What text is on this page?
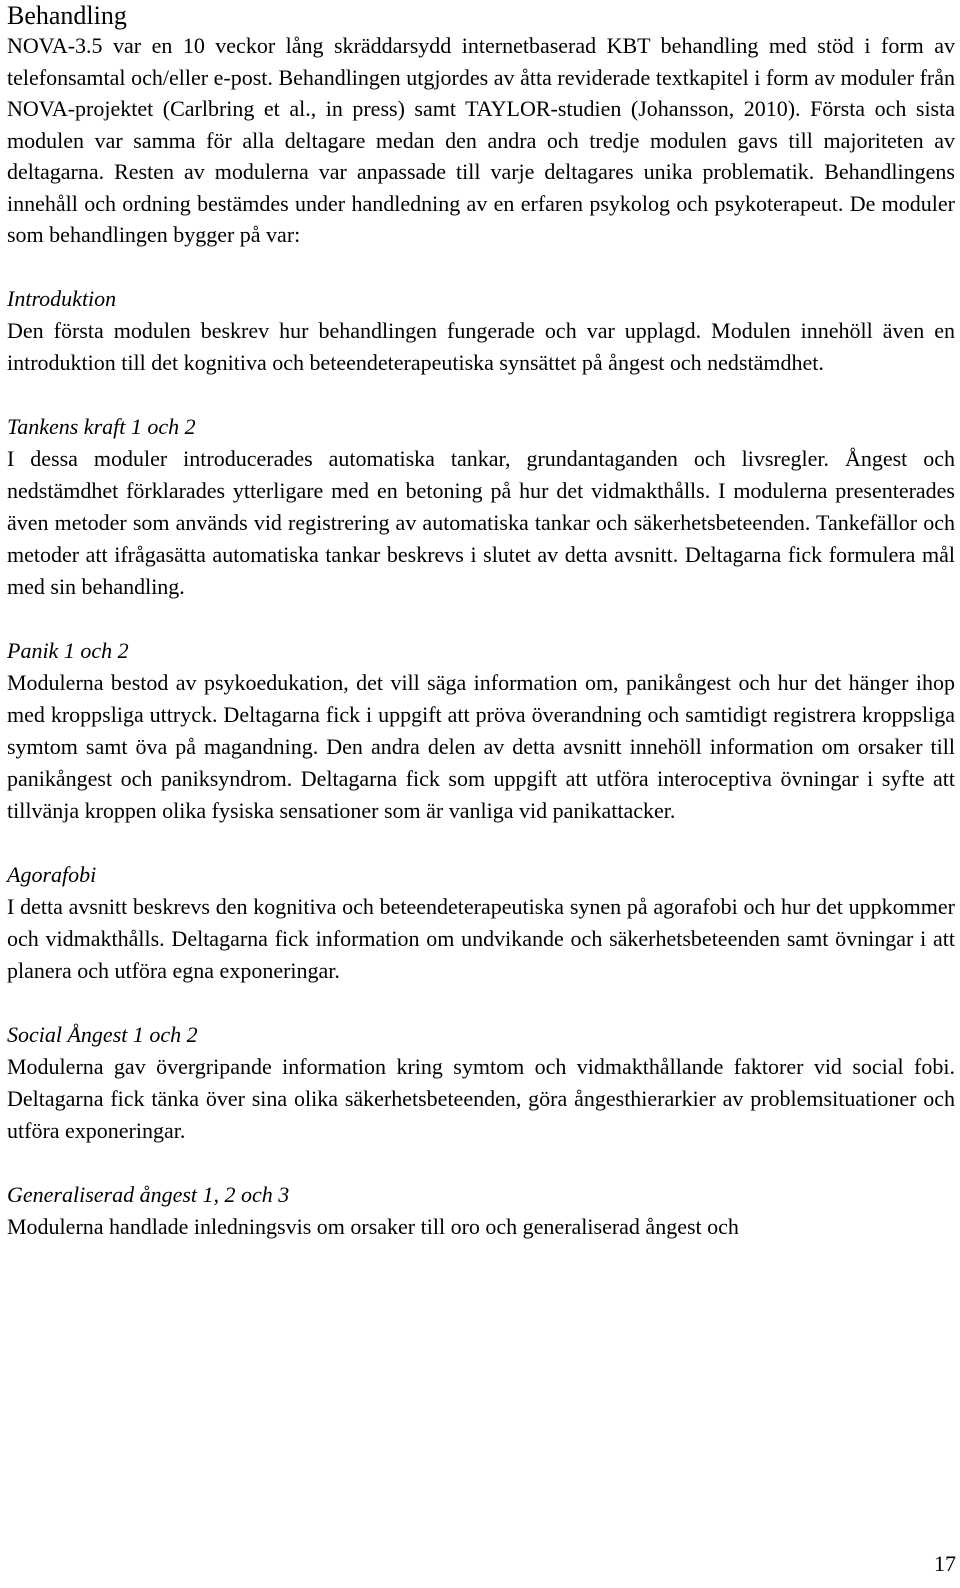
Behandling

NOVA-3.5 var en 10 veckor lång skräddarsydd internetbaserad KBT behandling med stöd i form av telefonsamtal och/eller e-post. Behandlingen utgjordes av åtta reviderade textkapitel i form av moduler från NOVA-projektet (Carlbring et al., in press) samt TAYLOR-studien (Johansson, 2010). Första och sista modulen var samma för alla deltagare medan den andra och tredje modulen gavs till majoriteten av deltagarna. Resten av modulerna var anpassade till varje deltagares unika problematik. Behandlingens innehåll och ordning bestämdes under handledning av en erfaren psykolog och psykoterapeut. De moduler som behandlingen bygger på var:

Introduktion

Den första modulen beskrev hur behandlingen fungerade och var upplagd. Modulen innehöll även en introduktion till det kognitiva och beteendeterapeutiska synsättet på ångest och nedstämdhet.

Tankens kraft 1 och 2

I dessa moduler introducerades automatiska tankar, grundantaganden och livsregler. Ångest och nedstämdhet förklarades ytterligare med en betoning på hur det vidmakthålls. I modulerna presenterades även metoder som används vid registrering av automatiska tankar och säkerhetsbeteenden. Tankefällor och metoder att ifrågasätta automatiska tankar beskrevs i slutet av detta avsnitt. Deltagarna fick formulera mål med sin behandling.

Panik 1 och 2

Modulerna bestod av psykoedukation, det vill säga information om, panikångest och hur det hänger ihop med kroppsliga uttryck. Deltagarna fick i uppgift att pröva överandning och samtidigt registrera kroppsliga symtom samt öva på magandning. Den andra delen av detta avsnitt innehöll information om orsaker till panikångest och paniksyndrom. Deltagarna fick som uppgift att utföra interoceptiva övningar i syfte att tillvänja kroppen olika fysiska sensationer som är vanliga vid panikattacker.

Agorafobi

I detta avsnitt beskrevs den kognitiva och beteendeterapeutiska synen på agorafobi och hur det uppkommer och vidmakthålls. Deltagarna fick information om undvikande och säkerhetsbeteenden samt övningar i att planera och utföra egna exponeringar.

Social Ångest 1 och 2

Modulerna gav övergripande information kring symtom och vidmakthållande faktorer vid social fobi. Deltagarna fick tänka över sina olika säkerhetsbeteenden, göra ångesthierarkier av problemsituationer och utföra exponeringar.

Generaliserad ångest 1, 2 och 3

Modulerna handlade inledningsvis om orsaker till oro och generaliserad ångest och

17
